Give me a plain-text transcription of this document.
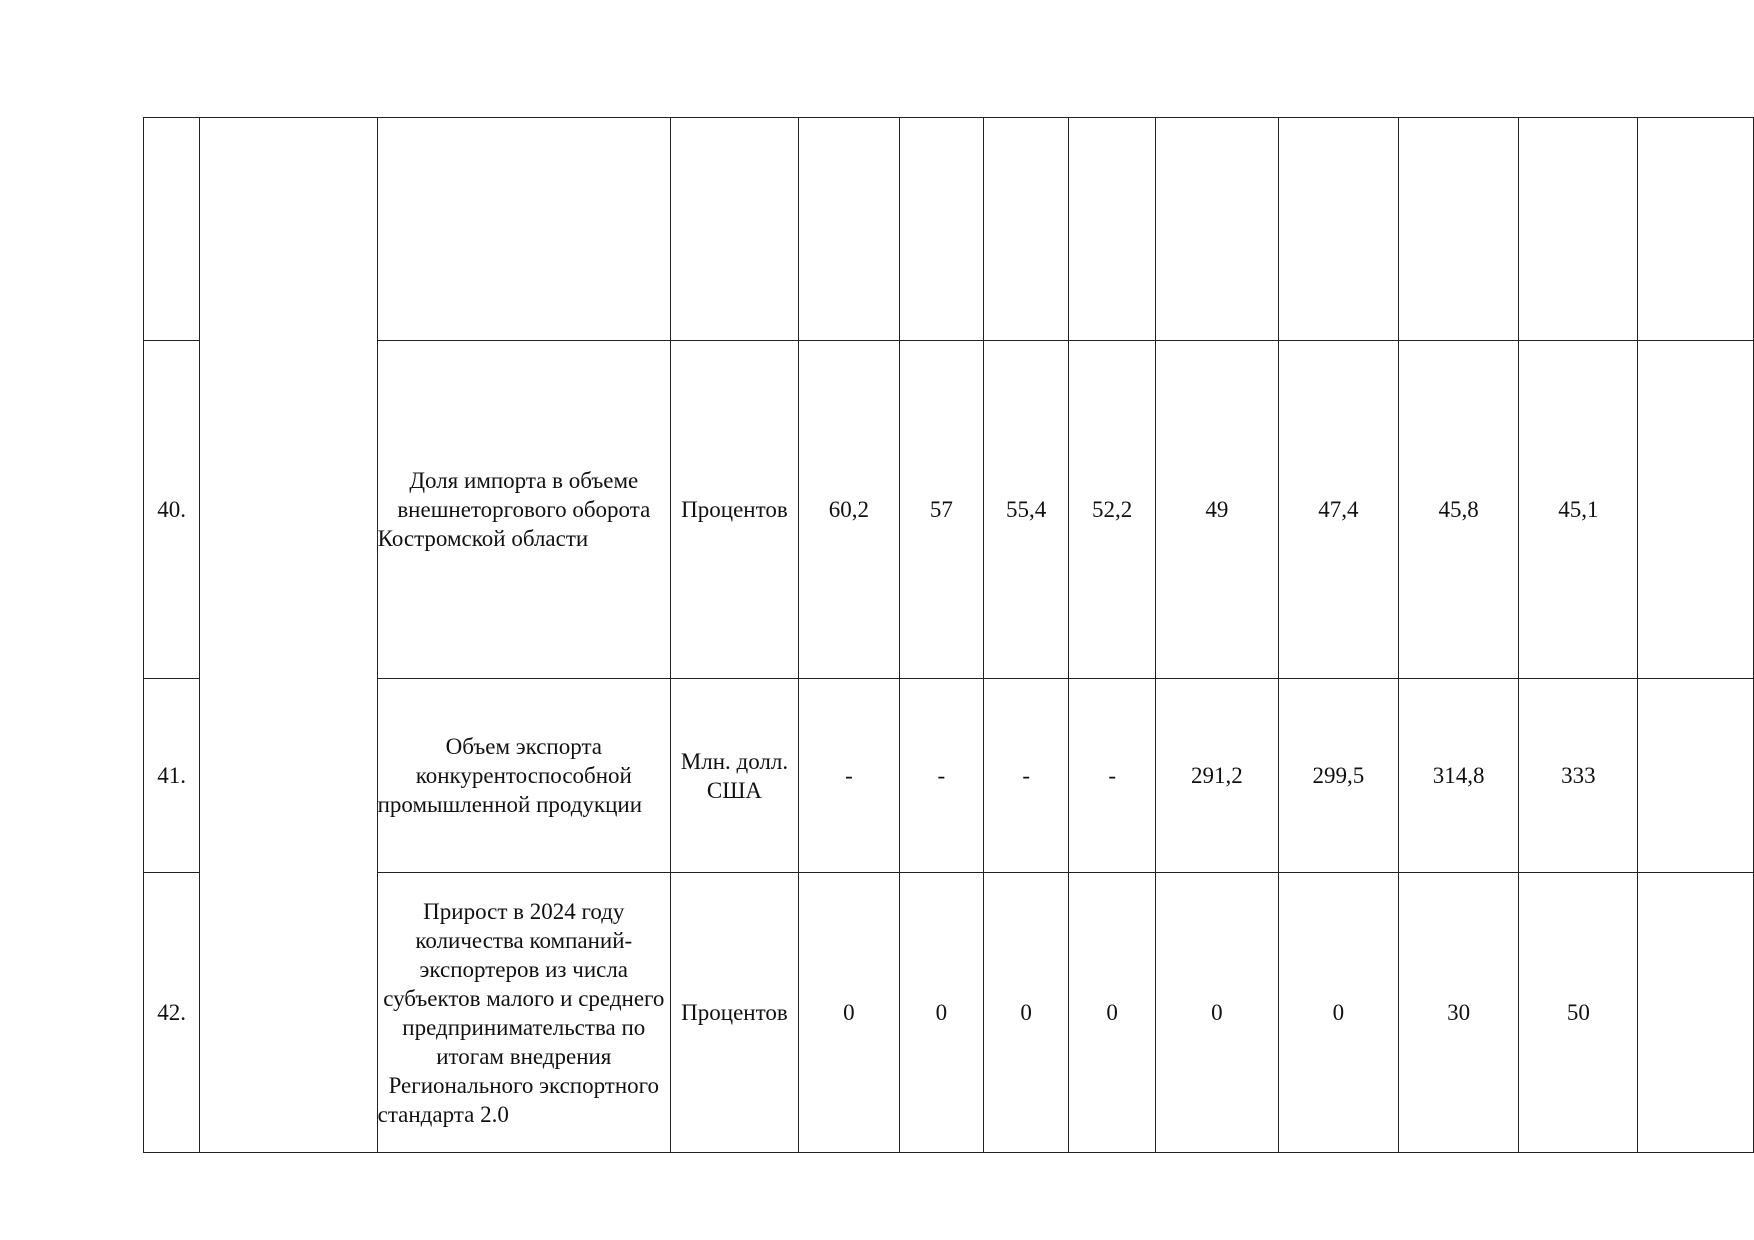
40.		Доля импорта в объеме внешнеторгового оборота Костромской области	Процентов	60,2	57	55,4	52,2	49	47,4	45,8	45,1	
41.		Объем экспорта конкурентоспособной промышленной продукции	Млн. долл. США	-	-	-	-	291,2	299,5	314,8	333	
42.		Прирост в 2024 году количества компаний-экспортеров из числа субъектов малого и среднего предпринимательства по итогам внедрения Регионального экспортного стандарта 2.0	Процентов	0	0	0	0	0	0	30	50	
